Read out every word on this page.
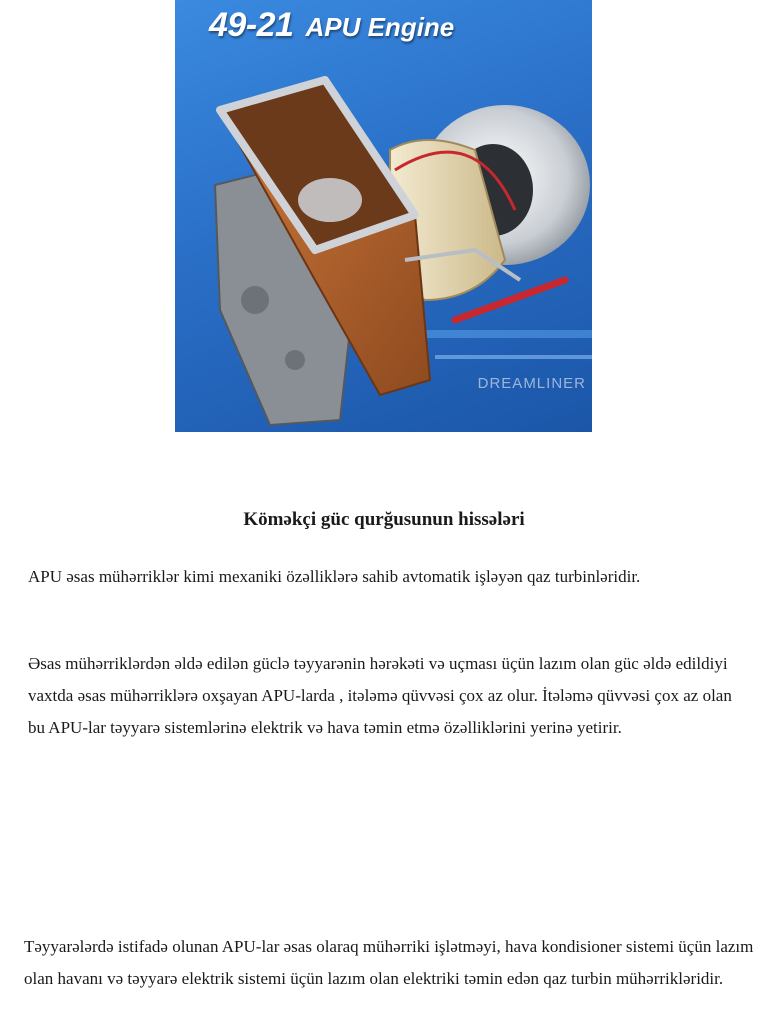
49-21 APU Engine
DREAMLINER
Köməkçi güc qurğusunun hissələri

APU əsas mühərriklər kimi mexaniki özəlliklərə sahib avtomatik işləyən qaz turbinləridir.

Əsas mühərriklərdən əldə edilən güclə təyyarənin hərəkəti və uçması üçün lazım olan güc əldə edildiyi vaxtda əsas mühərriklərə oxşayan APU-larda , itələmə qüvvəsi çox az olur. İtələmə qüvvəsi çox az olan bu APU-lar təyyarə sistemlərinə elektrik və hava təmin etmə özəlliklərini yerinə yetirir.

Təyyarələrdə istifadə olunan APU-lar əsas olaraq mühərriki işlətməyi, hava kondisioner sistemi üçün lazım olan havanı və təyyarə elektrik sistemi üçün lazım olan elektriki təmin edən qaz turbin mühərrikləridir.
